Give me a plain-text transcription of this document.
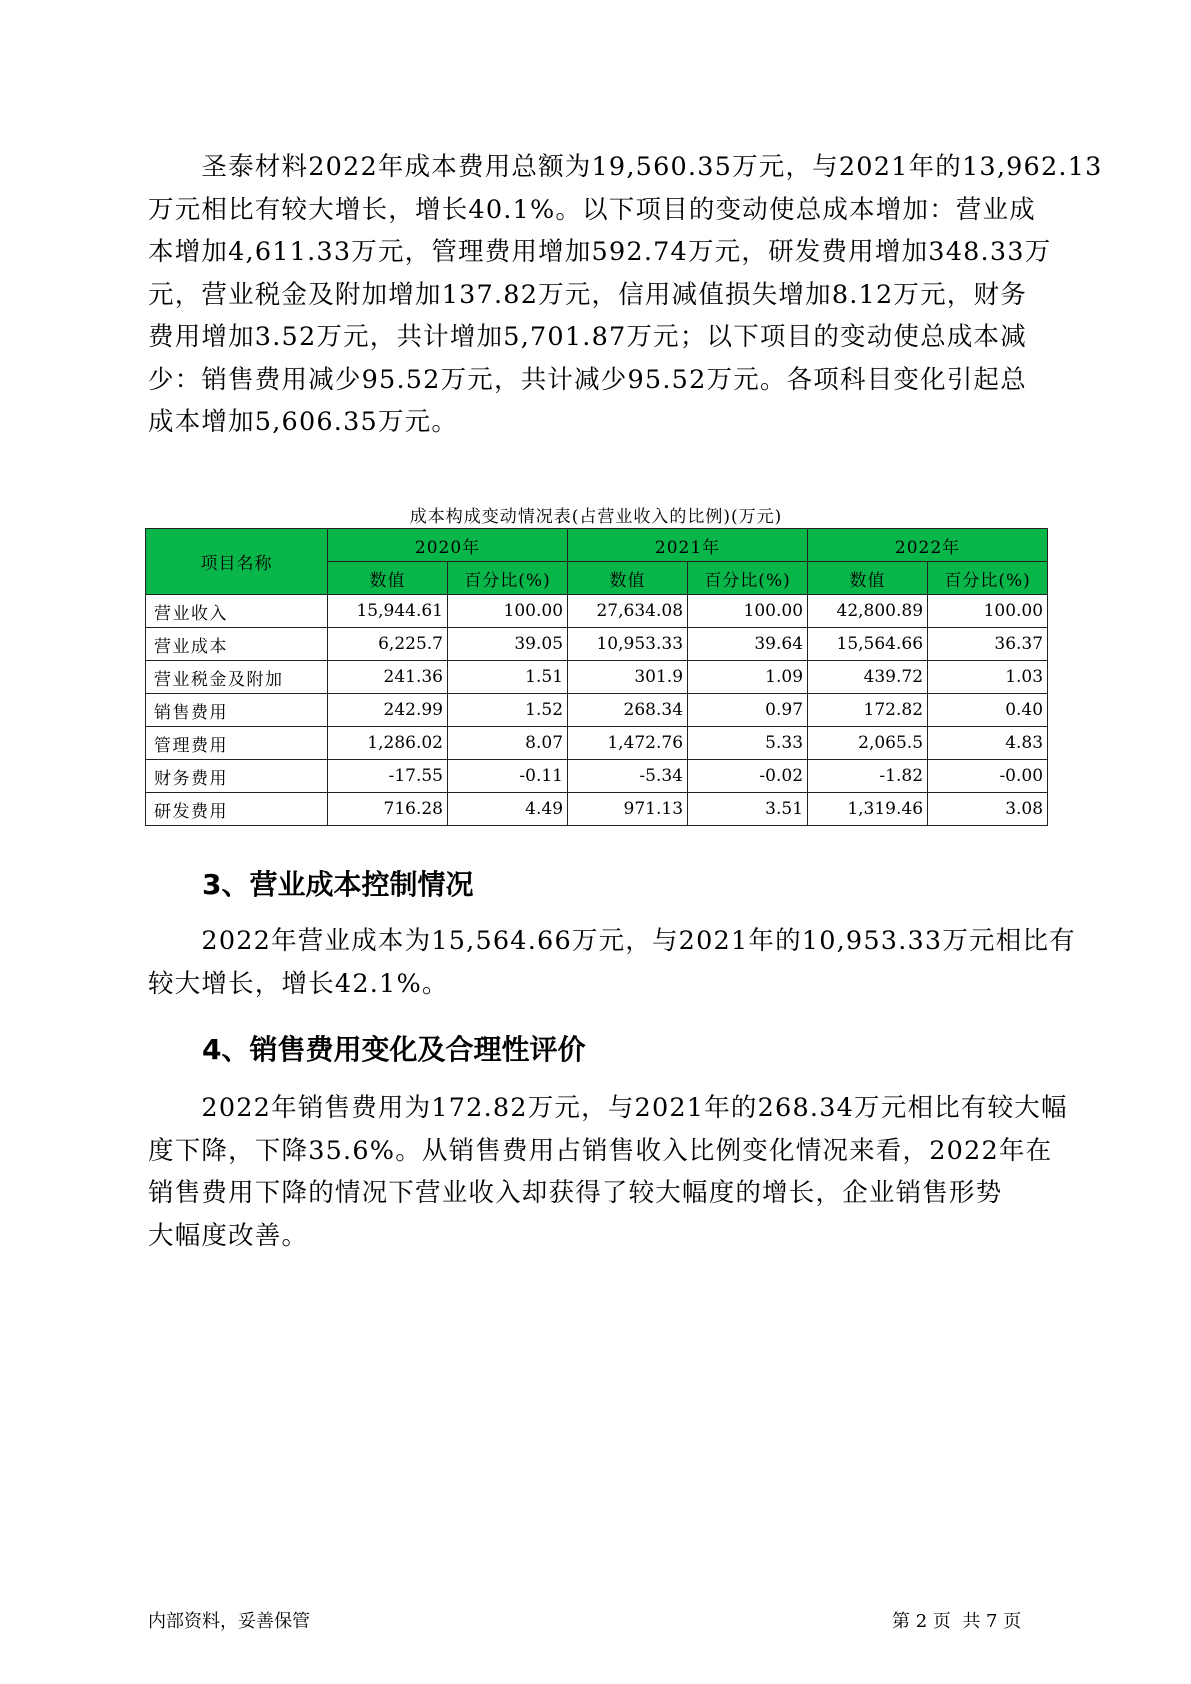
　　圣泰材料2022年成本费用总额为19,560.35万元，与2021年的13,962.13
万元相比有较大增长，增长40.1%。以下项目的变动使总成本增加：营业成
本增加4,611.33万元，管理费用增加592.74万元，研发费用增加348.33万
元，营业税金及附加增加137.82万元，信用减值损失增加8.12万元，财务
费用增加3.52万元，共计增加5,701.87万元；以下项目的变动使总成本减
少：销售费用减少95.52万元，共计减少95.52万元。各项科目变化引起总
成本增加5,606.35万元。
成本构成变动情况表(占营业收入的比例)(万元)
项目名称	2020年		2021年		2022年	
	数值	百分比(%)	数值	百分比(%)	数值	百分比(%)
营业收入	15,944.61	100.00	27,634.08	100.00	42,800.89	100.00
营业成本	6,225.7	39.05	10,953.33	39.64	15,564.66	36.37
营业税金及附加	241.36	1.51	301.9	1.09	439.72	1.03
销售费用	242.99	1.52	268.34	0.97	172.82	0.40
管理费用	1,286.02	8.07	1,472.76	5.33	2,065.5	4.83
财务费用	-17.55	-0.11	-5.34	-0.02	-1.82	-0.00
研发费用	716.28	4.49	971.13	3.51	1,319.46	3.08
3、营业成本控制情况
　　2022年营业成本为15,564.66万元，与2021年的10,953.33万元相比有
较大增长，增长42.1%。
4、销售费用变化及合理性评价
　　2022年销售费用为172.82万元，与2021年的268.34万元相比有较大幅
度下降，下降35.6%。从销售费用占销售收入比例变化情况来看，2022年在
销售费用下降的情况下营业收入却获得了较大幅度的增长，企业销售形势
大幅度改善。
内部资料，妥善保管	第 2 页  共 7 页
